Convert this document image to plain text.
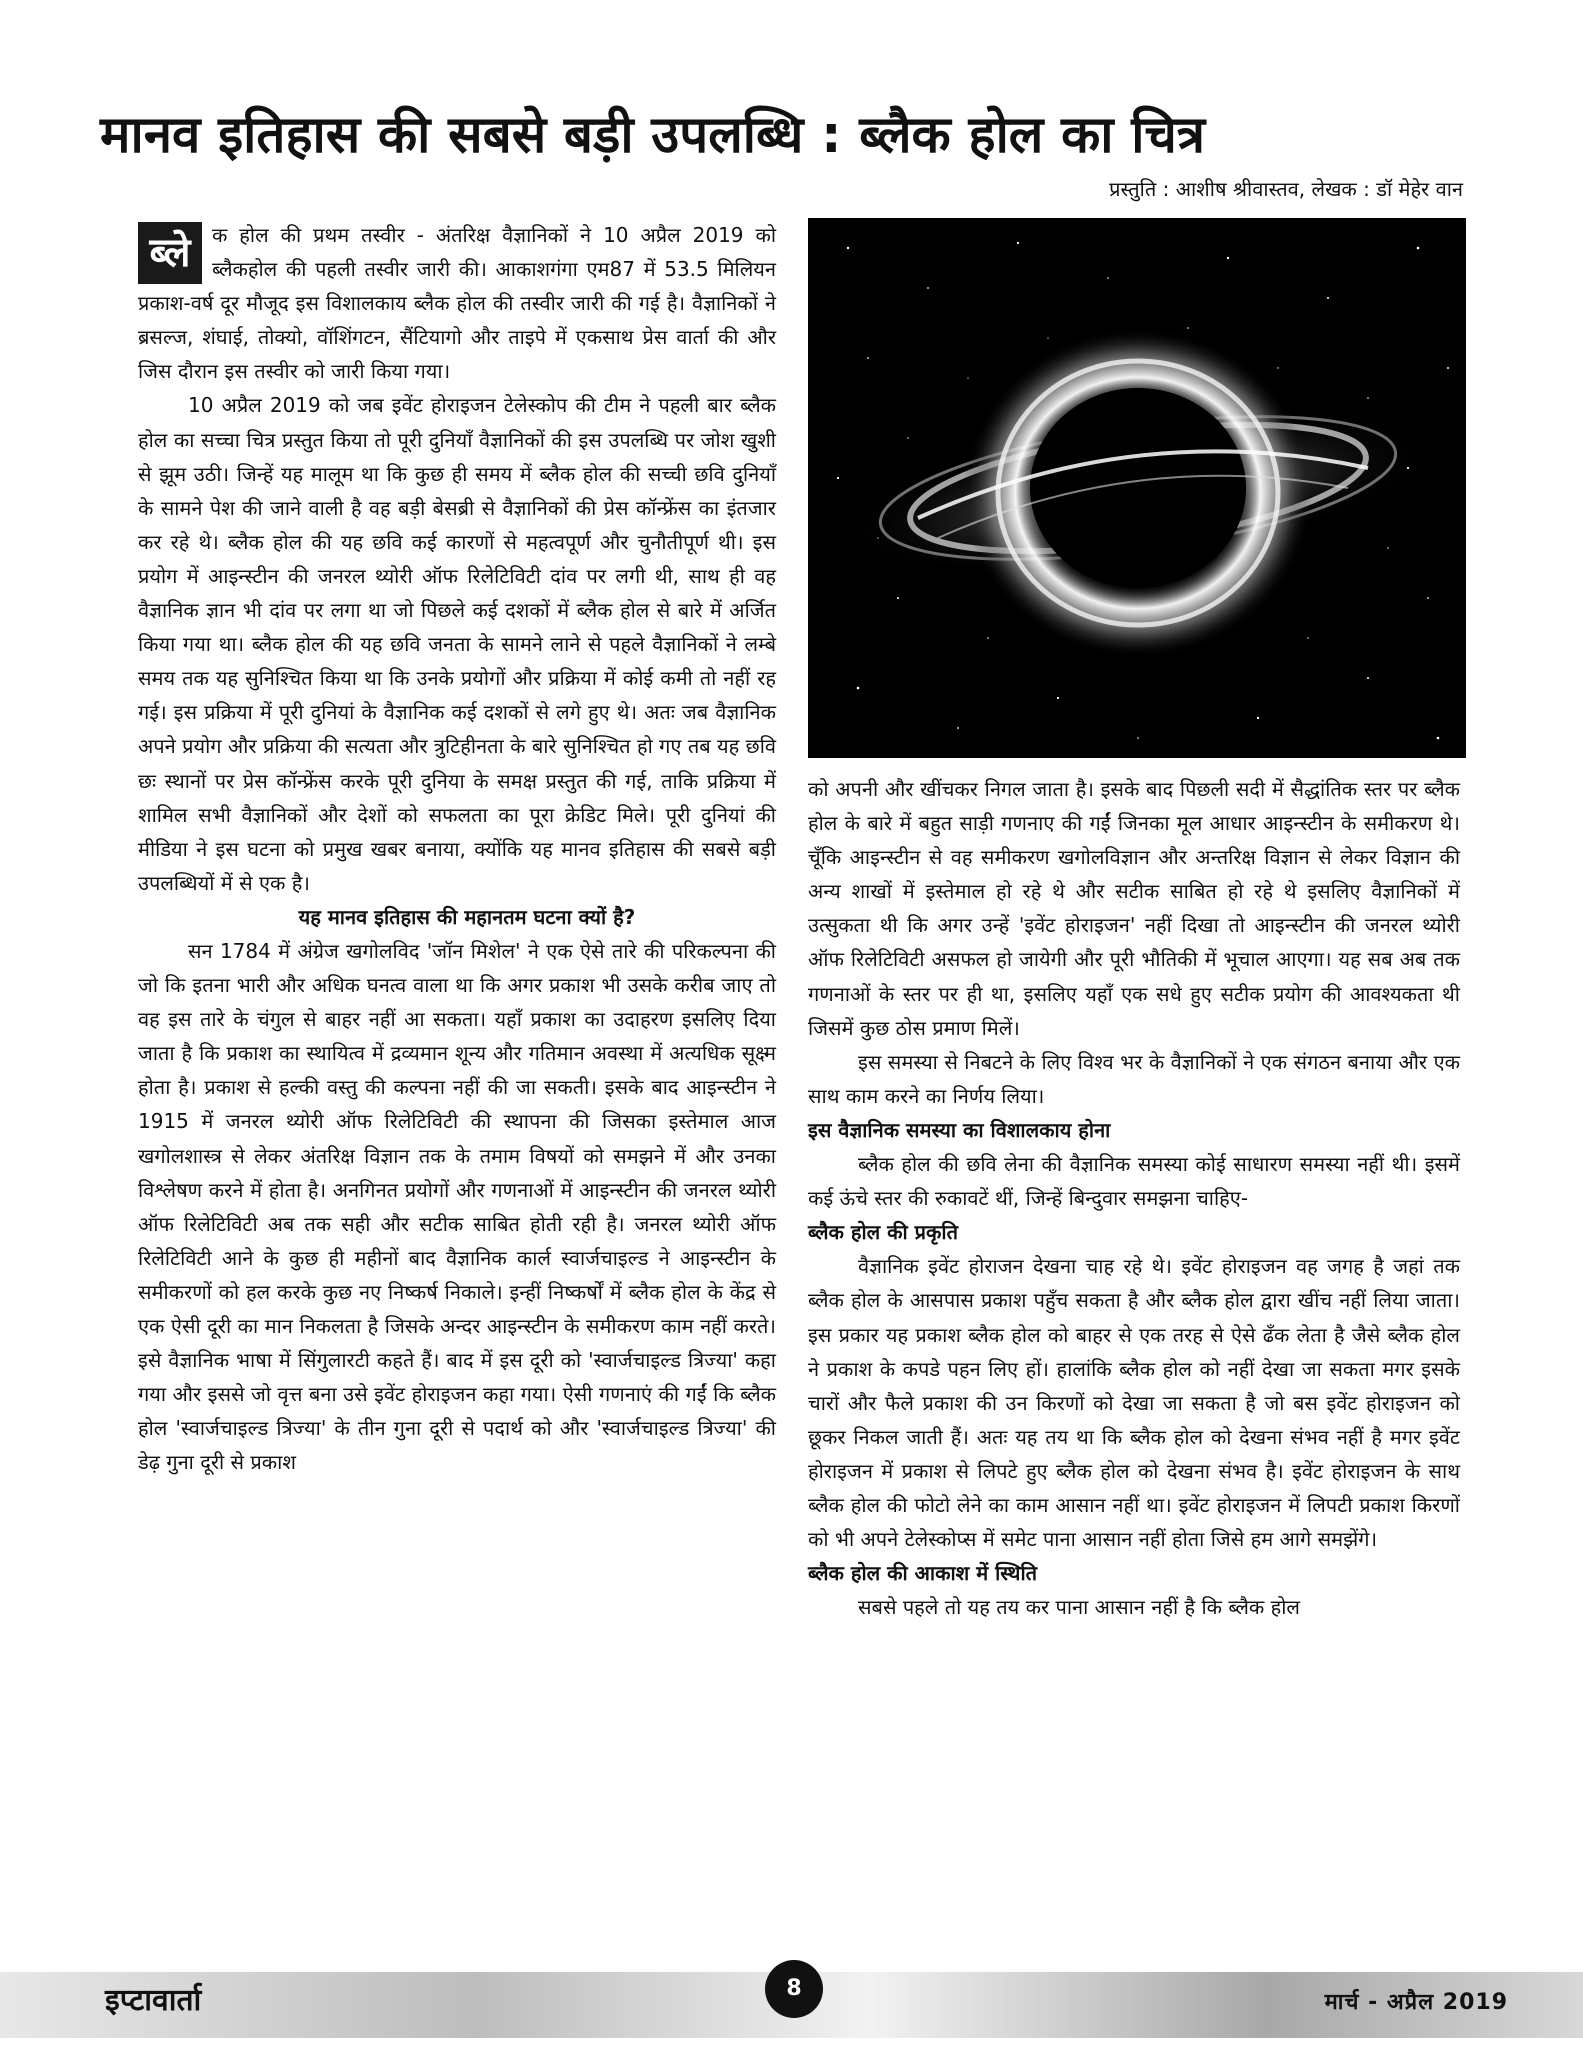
मानव इतिहास की सबसे बड़ी उपलब्धि : ब्लैक होल का चित्र

प्रस्तुति : आशीष श्रीवास्तव, लेखक : डॉ मेहेर वान

ब्ले	क होल की प्रथम तस्वीर - अंतरिक्ष वैज्ञानिकों ने 10 अप्रैल 2019 को ब्लैकहोल की पहली तस्वीर जारी की। आकाशगंगा एम87 में 53.5 मिलियन प्रकाश-वर्ष दूर मौजूद इस विशालकाय ब्लैक होल की तस्वीर जारी की गई है। वैज्ञानिकों ने ब्रसल्ज, शंघाई, तोक्यो, वॉशिंगटन, सैंटियागो और ताइपे में एकसाथ प्रेस वार्ता की और जिस दौरान इस तस्वीर को जारी किया गया।

10 अप्रैल 2019 को जब इवेंट होराइजन टेलेस्कोप की टीम ने पहली बार ब्लैक होल का सच्चा चित्र प्रस्तुत किया तो पूरी दुनियाँ वैज्ञानिकों की इस उपलब्धि पर जोश खुशी से झूम उठी। जिन्हें यह मालूम था कि कुछ ही समय में ब्लैक होल की सच्ची छवि दुनियाँ के सामने पेश की जाने वाली है वह बड़ी बेसब्री से वैज्ञानिकों की प्रेस कॉन्फ्रेंस का इंतजार कर रहे थे। ब्लैक होल की यह छवि कई कारणों से महत्वपूर्ण और चुनौतीपूर्ण थी। इस प्रयोग में आइन्स्टीन की जनरल थ्योरी ऑफ रिलेटिविटी दांव पर लगी थी, साथ ही वह वैज्ञानिक ज्ञान भी दांव पर लगा था जो पिछले कई दशकों में ब्लैक होल से बारे में अर्जित किया गया था। ब्लैक होल की यह छवि जनता के सामने लाने से पहले वैज्ञानिकों ने लम्बे समय तक यह सुनिश्चित किया था कि उनके प्रयोगों और प्रक्रिया में कोई कमी तो नहीं रह गई। इस प्रक्रिया में पूरी दुनियां के वैज्ञानिक कई दशकों से लगे हुए थे। अतः जब वैज्ञानिक अपने प्रयोग और प्रक्रिया की सत्यता और त्रुटिहीनता के बारे सुनिश्चित हो गए तब यह छवि छः स्थानों पर प्रेस कॉन्फ्रेंस करके पूरी दुनिया के समक्ष प्रस्तुत की गई, ताकि प्रक्रिया में शामिल सभी वैज्ञानिकों और देशों को सफलता का पूरा क्रेडिट मिले। पूरी दुनियां की मीडिया ने इस घटना को प्रमुख खबर बनाया, क्योंकि यह मानव इतिहास की सबसे बड़ी उपलब्धियों में से एक है।

यह मानव इतिहास की महानतम घटना क्यों है?

सन 1784 में अंग्रेज खगोलविद 'जॉन मिशेल' ने एक ऐसे तारे की परिकल्पना की जो कि इतना भारी और अधिक घनत्व वाला था कि अगर प्रकाश भी उसके करीब जाए तो वह इस तारे के चंगुल से बाहर नहीं आ सकता। यहाँ प्रकाश का उदाहरण इसलिए दिया जाता है कि प्रकाश का स्थायित्व में द्रव्यमान शून्य और गतिमान अवस्था में अत्यधिक सूक्ष्म होता है। प्रकाश से हल्की वस्तु की कल्पना नहीं की जा सकती। इसके बाद आइन्स्टीन ने 1915 में जनरल थ्योरी ऑफ रिलेटिविटी की स्थापना की जिसका इस्तेमाल आज खगोलशास्त्र से लेकर अंतरिक्ष विज्ञान तक के तमाम विषयों को समझने में और उनका विश्लेषण करने में होता है। अनगिनत प्रयोगों और गणनाओं में आइन्स्टीन की जनरल थ्योरी ऑफ रिलेटिविटी अब तक सही और सटीक साबित होती रही है। जनरल थ्योरी ऑफ रिलेटिविटी आने के कुछ ही महीनों बाद वैज्ञानिक कार्ल स्वार्जचाइल्ड ने आइन्स्टीन के समीकरणों को हल करके कुछ नए निष्कर्ष निकाले। इन्हीं निष्कर्षों में ब्लैक होल के केंद्र से एक ऐसी दूरी का मान निकलता है जिसके अन्दर आइन्स्टीन के समीकरण काम नहीं करते। इसे वैज्ञानिक भाषा में सिंगुलारटी कहते हैं। बाद में इस दूरी को 'स्वार्जचाइल्ड त्रिज्या' कहा गया और इससे जो वृत्त बना उसे इवेंट होराइजन कहा गया। ऐसी गणनाएं की गईं कि ब्लैक होल 'स्वार्जचाइल्ड त्रिज्या' के तीन गुना दूरी से पदार्थ को और 'स्वार्जचाइल्ड त्रिज्या' की डेढ़ गुना दूरी से प्रकाश

को अपनी और खींचकर निगल जाता है। इसके बाद पिछली सदी में सैद्धांतिक स्तर पर ब्लैक होल के बारे में बहुत साड़ी गणनाए की गईं जिनका मूल आधार आइन्स्टीन के समीकरण थे। चूँकि आइन्स्टीन से वह समीकरण खगोलविज्ञान और अन्तरिक्ष विज्ञान से लेकर विज्ञान की अन्य शाखों में इस्तेमाल हो रहे थे और सटीक साबित हो रहे थे इसलिए वैज्ञानिकों में उत्सुकता थी कि अगर उन्हें 'इवेंट होराइजन' नहीं दिखा तो आइन्स्टीन की जनरल थ्योरी ऑफ रिलेटिविटी असफल हो जायेगी और पूरी भौतिकी में भूचाल आएगा। यह सब अब तक गणनाओं के स्तर पर ही था, इसलिए यहाँ एक सधे हुए सटीक प्रयोग की आवश्यकता थी जिसमें कुछ ठोस प्रमाण मिलें।

इस समस्या से निबटने के लिए विश्व भर के वैज्ञानिकों ने एक संगठन बनाया और एक साथ काम करने का निर्णय लिया।

इस वैज्ञानिक समस्या का विशालकाय होना

ब्लैक होल की छवि लेना की वैज्ञानिक समस्या कोई साधारण समस्या नहीं थी। इसमें कई ऊंचे स्तर की रुकावटें थीं, जिन्हें बिन्दुवार समझना चाहिए-

ब्लैक होल की प्रकृति

वैज्ञानिक इवेंट होराजन देखना चाह रहे थे। इवेंट होराइजन वह जगह है जहां तक ब्लैक होल के आसपास प्रकाश पहुँच सकता है और ब्लैक होल द्वारा खींच नहीं लिया जाता। इस प्रकार यह प्रकाश ब्लैक होल को बाहर से एक तरह से ऐसे ढँक लेता है जैसे ब्लैक होल ने प्रकाश के कपडे पहन लिए हों। हालांकि ब्लैक होल को नहीं देखा जा सकता मगर इसके चारों और फैले प्रकाश की उन किरणों को देखा जा सकता है जो बस इवेंट होराइजन को छूकर निकल जाती हैं। अतः यह तय था कि ब्लैक होल को देखना संभव नहीं है मगर इवेंट होराइजन में प्रकाश से लिपटे हुए ब्लैक होल को देखना संभव है। इवेंट होराइजन के साथ ब्लैक होल की फोटो लेने का काम आसान नहीं था। इवेंट होराइजन में लिपटी प्रकाश किरणों को भी अपने टेलेस्कोप्स में समेट पाना आसान नहीं होता जिसे हम आगे समझेंगे।

ब्लैक होल की आकाश में स्थिति

सबसे पहले तो यह तय कर पाना आसान नहीं है कि ब्लैक होल

इप्टावार्ता	8
मार्च - अप्रैल 2019
